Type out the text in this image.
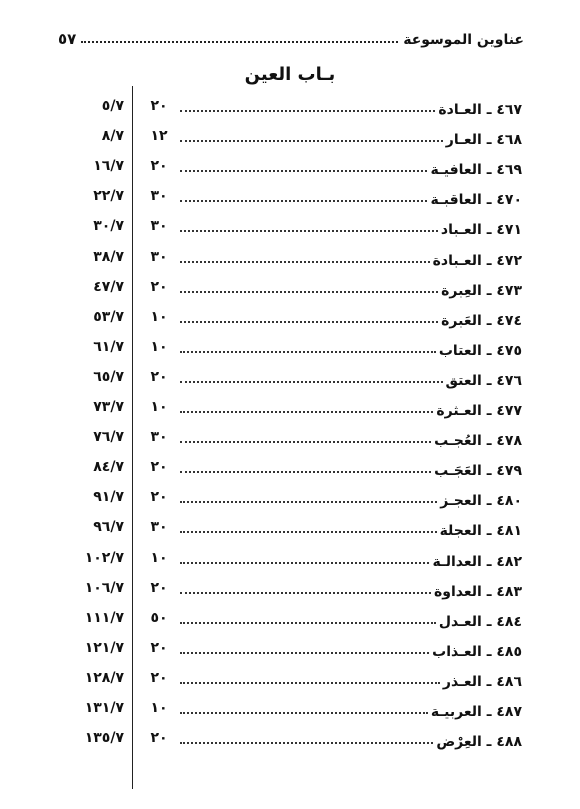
عناوين الموسوعة
٥٧
بـاب العين
٤٦٧ ـ العـادة
٢٠
٥/٧
٤٦٨ ـ العـار
١٢
٨/٧
٤٦٩ ـ العافيـة
٢٠
١٦/٧
٤٧٠ ـ العاقبـة
٣٠
٢٢/٧
٤٧١ ـ العـباد
٣٠
٣٠/٧
٤٧٢ ـ العـبادة
٣٠
٣٨/٧
٤٧٣ ـ العِبرة
٢٠
٤٧/٧
٤٧٤ ـ العَبرة
١٠
٥٣/٧
٤٧٥ ـ العتاب
١٠
٦١/٧
٤٧٦ ـ العتق
٢٠
٦٥/٧
٤٧٧ ـ العـثرة
١٠
٧٣/٧
٤٧٨ ـ العُجـب
٣٠
٧٦/٧
٤٧٩ ـ العَجَـب
٢٠
٨٤/٧
٤٨٠ ـ العجـز
٢٠
٩١/٧
٤٨١ ـ العجلة
٣٠
٩٦/٧
٤٨٢ ـ العدالـة
١٠
١٠٢/٧
٤٨٣ ـ العداوة
٢٠
١٠٦/٧
٤٨٤ ـ العـدل
٥٠
١١١/٧
٤٨٥ ـ العـذاب
٢٠
١٢١/٧
٤٨٦ ـ العـذر
٢٠
١٢٨/٧
٤٨٧ ـ العربيـة
١٠
١٣١/٧
٤٨٨ ـ العِرْض
٢٠
١٣٥/٧
